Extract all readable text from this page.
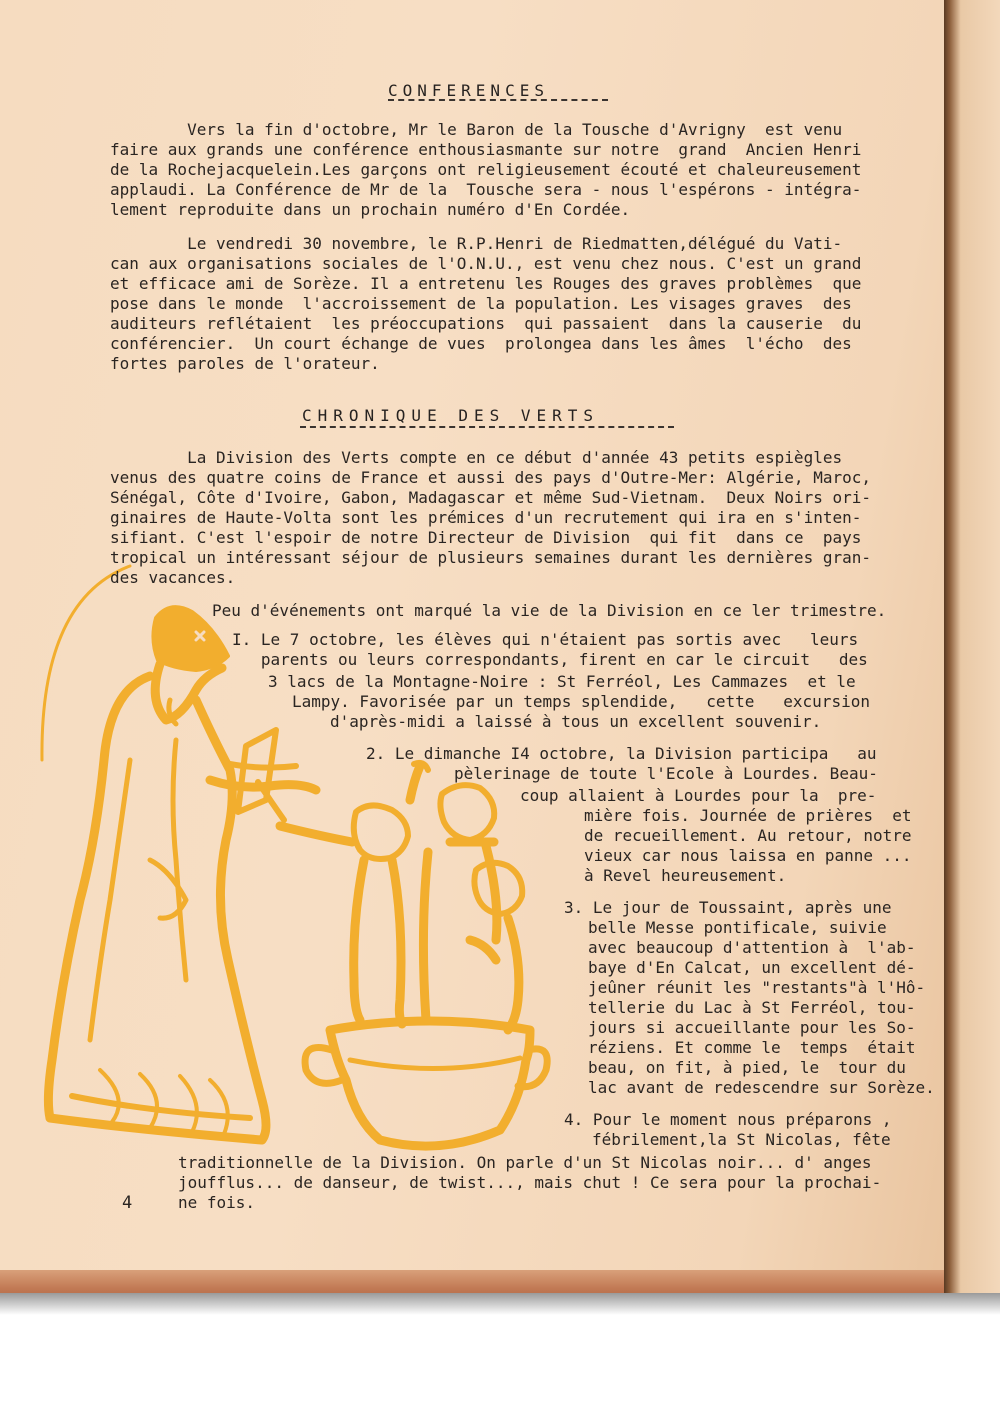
CONFERENCES
Vers la fin d'octobre, Mr le Baron de la Tousche d'Avrigny  est venu
faire aux grands une conférence enthousiasmante sur notre  grand  Ancien Henri
de la Rochejacquelein.Les garçons ont religieusement écouté et chaleureusement
applaudi. La Conférence de Mr de la  Tousche sera - nous l'espérons - intégra-
lement reproduite dans un prochain numéro d'En Cordée.
Le vendredi 30 novembre, le R.P.Henri de Riedmatten,délégué du Vati-
can aux organisations sociales de l'O.N.U., est venu chez nous. C'est un grand
et efficace ami de Sorèze. Il a entretenu les Rouges des graves problèmes  que
pose dans le monde  l'accroissement de la population. Les visages graves  des
auditeurs reflétaient  les préoccupations  qui passaient  dans la causerie  du
conférencier.  Un court échange de vues  prolongea dans les âmes  l'écho  des
fortes paroles de l'orateur.
CHRONIQUE DES VERTS
La Division des Verts compte en ce début d'année 43 petits espiègles
venus des quatre coins de France et aussi des pays d'Outre-Mer: Algérie, Maroc,
Sénégal, Côte d'Ivoire, Gabon, Madagascar et même Sud-Vietnam.  Deux Noirs ori-
ginaires de Haute-Volta sont les prémices d'un recrutement qui ira en s'inten-
sifiant. C'est l'espoir de notre Directeur de Division  qui fit  dans ce  pays
tropical un intéressant séjour de plusieurs semaines durant les dernières gran-
des vacances.
Peu d'événements ont marqué la vie de la Division en ce ler trimestre.
I. Le 7 octobre, les élèves qui n'étaient pas sortis avec   leurs
parents ou leurs correspondants, firent en car le circuit   des
3 lacs de la Montagne-Noire : St Ferréol, Les Cammazes  et le
Lampy. Favorisée par un temps splendide,   cette   excursion
d'après-midi a laissé à tous un excellent souvenir.
2. Le dimanche I4 octobre, la Division participa   au
pèlerinage de toute l'Ecole à Lourdes. Beau-
coup allaient à Lourdes pour la  pre-
mière fois. Journée de prières  et
de recueillement. Au retour, notre
vieux car nous laissa en panne ...
à Revel heureusement.
3. Le jour de Toussaint, après une
belle Messe pontificale, suivie
avec beaucoup d'attention à  l'ab-
baye d'En Calcat, un excellent dé-
jeûner réunit les "restants"à l'Hô-
tellerie du Lac à St Ferréol, tou-
jours si accueillante pour les So-
réziens. Et comme le  temps  était
beau, on fit, à pied, le  tour du
lac avant de redescendre sur Sorèze.
4. Pour le moment nous préparons ,
fébrilement,la St Nicolas, fête
traditionnelle de la Division. On parle d'un St Nicolas noir... d' anges
joufflus... de danseur, de twist..., mais chut ! Ce sera pour la prochai-
ne fois.
4
